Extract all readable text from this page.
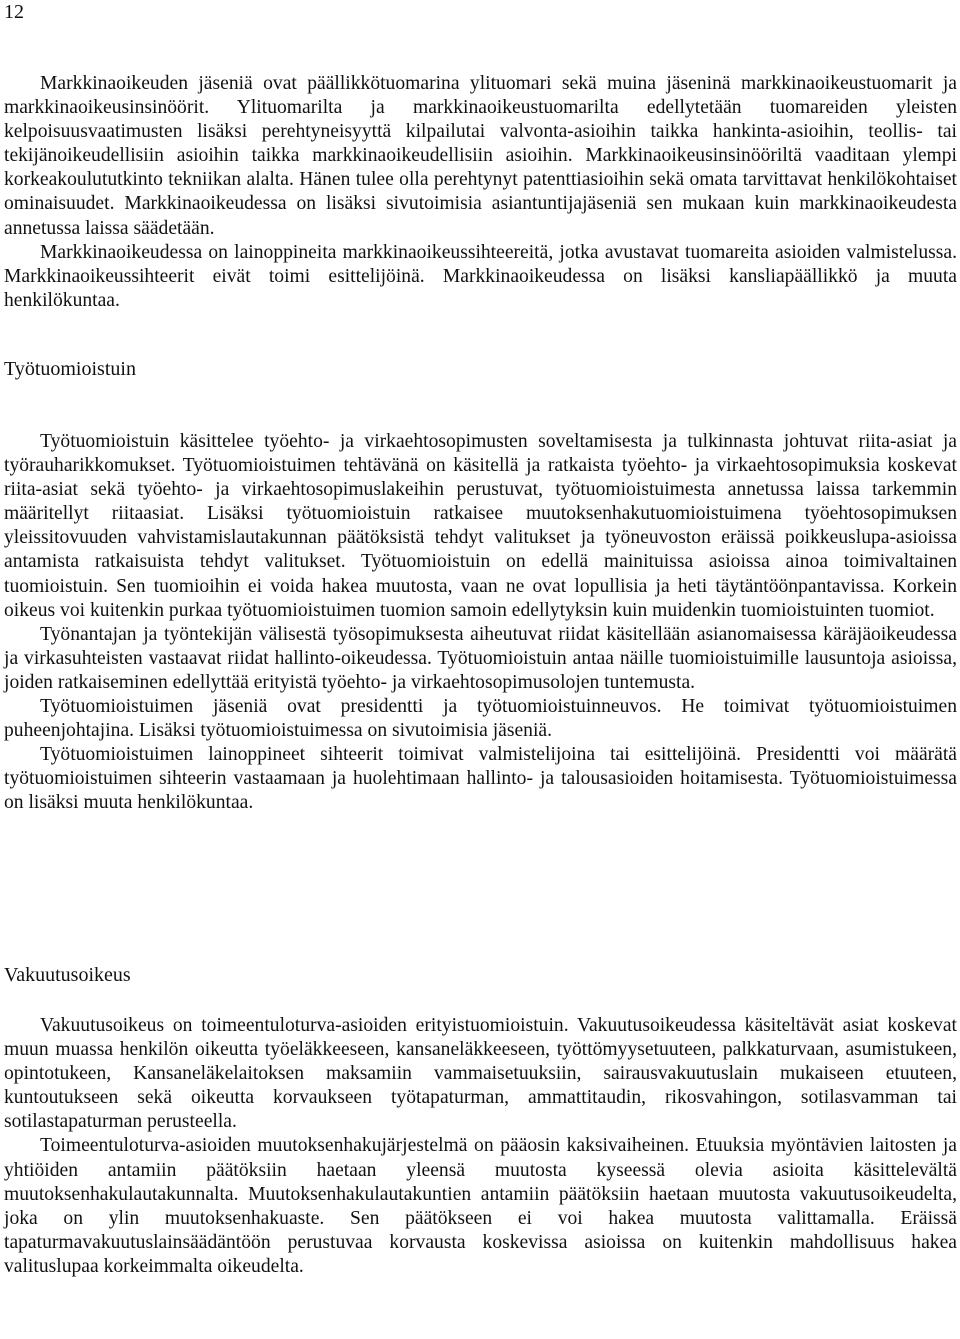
12

Markkinaoikeuden jäseniä ovat päällikkötuomarina ylituomari sekä muina jäseninä markkinaoikeustuomarit ja markkinaoikeusinsinöörit. Ylituomarilta ja markkinaoikeustuomarilta edellytetään tuomareiden yleisten kelpoisuusvaatimusten lisäksi perehtyneisyyttä kilpailutai valvonta-asioihin taikka hankinta-asioihin, teollis- tai tekijänoikeudellisiin asioihin taikka markkinaoikeudellisiin asioihin. Markkinaoikeusinsinööriltä vaaditaan ylempi korkeakoulututkinto tekniikan alalta. Hänen tulee olla perehtynyt patenttiasioihin sekä omata tarvittavat henkilökohtaiset ominaisuudet. Markkinaoikeudessa on lisäksi sivutoimisia asiantuntijajäseniä sen mukaan kuin markkinaoikeudesta annetussa laissa säädetään.

Markkinaoikeudessa on lainoppineita markkinaoikeussihteereitä, jotka avustavat tuomareita asioiden valmistelussa. Markkinaoikeussihteerit eivät toimi esittelijöinä. Markkinaoikeudessa on lisäksi kansliapäällikkö ja muuta henkilökuntaa.

Työtuomioistuin

Työtuomioistuin käsittelee työehto- ja virkaehtosopimusten soveltamisesta ja tulkinnasta johtuvat riita-asiat ja työrauharikkomukset. Työtuomioistuimen tehtävänä on käsitellä ja ratkaista työehto- ja virkaehtosopimuksia koskevat riita-asiat sekä työehto- ja virkaehtosopimuslakeihin perustuvat, työtuomioistuimesta annetussa laissa tarkemmin määritellyt riitaasiat. Lisäksi työtuomioistuin ratkaisee muutoksenhakutuomioistuimena työehtosopimuksen yleissitovuuden vahvistamislautakunnan päätöksistä tehdyt valitukset ja työneuvoston eräissä poikkeuslupa-asioissa antamista ratkaisuista tehdyt valitukset. Työtuomioistuin on edellä mainituissa asioissa ainoa toimivaltainen tuomioistuin. Sen tuomioihin ei voida hakea muutosta, vaan ne ovat lopullisia ja heti täytäntöönpantavissa. Korkein oikeus voi kuitenkin purkaa työtuomioistuimen tuomion samoin edellytyksin kuin muidenkin tuomioistuinten tuomiot.

Työnantajan ja työntekijän välisestä työsopimuksesta aiheutuvat riidat käsitellään asianomaisessa käräjäoikeudessa ja virkasuhteisten vastaavat riidat hallinto-oikeudessa. Työtuomioistuin antaa näille tuomioistuimille lausuntoja asioissa, joiden ratkaiseminen edellyttää erityistä työehto- ja virkaehtosopimusolojen tuntemusta.

Työtuomioistuimen jäseniä ovat presidentti ja työtuomioistuinneuvos. He toimivat työtuomioistuimen puheenjohtajina. Lisäksi työtuomioistuimessa on sivutoimisia jäseniä.

Työtuomioistuimen lainoppineet sihteerit toimivat valmistelijoina tai esittelijöinä. Presidentti voi määrätä työtuomioistuimen sihteerin vastaamaan ja huolehtimaan hallinto- ja talousasioiden hoitamisesta. Työtuomioistuimessa on lisäksi muuta henkilökuntaa.

Vakuutusoikeus

Vakuutusoikeus on toimeentuloturva-asioiden erityistuomioistuin. Vakuutusoikeudessa käsiteltävät asiat koskevat muun muassa henkilön oikeutta työeläkkeeseen, kansaneläkkeeseen, työttömyysetuuteen, palkkaturvaan, asumistukeen, opintotukeen, Kansaneläkelaitoksen maksamiin vammaisetuuksiin, sairausvakuutuslain mukaiseen etuuteen, kuntoutukseen sekä oikeutta korvaukseen työtapaturman, ammattitaudin, rikosvahingon, sotilasvamman tai sotilastapaturman perusteella.

Toimeentuloturva-asioiden muutoksenhakujärjestelmä on pääosin kaksivaiheinen. Etuuksia myöntävien laitosten ja yhtiöiden antamiin päätöksiin haetaan yleensä muutosta kyseessä olevia asioita käsittelevältä muutoksenhakulautakunnalta. Muutoksenhakulautakuntien antamiin päätöksiin haetaan muutosta vakuutusoikeudelta, joka on ylin muutoksenhakuaste. Sen päätökseen ei voi hakea muutosta valittamalla. Eräissä tapaturmavakuutuslainsäädäntöön perustuvaa korvausta koskevissa asioissa on kuitenkin mahdollisuus hakea valituslupaa korkeimmalta oikeudelta.
